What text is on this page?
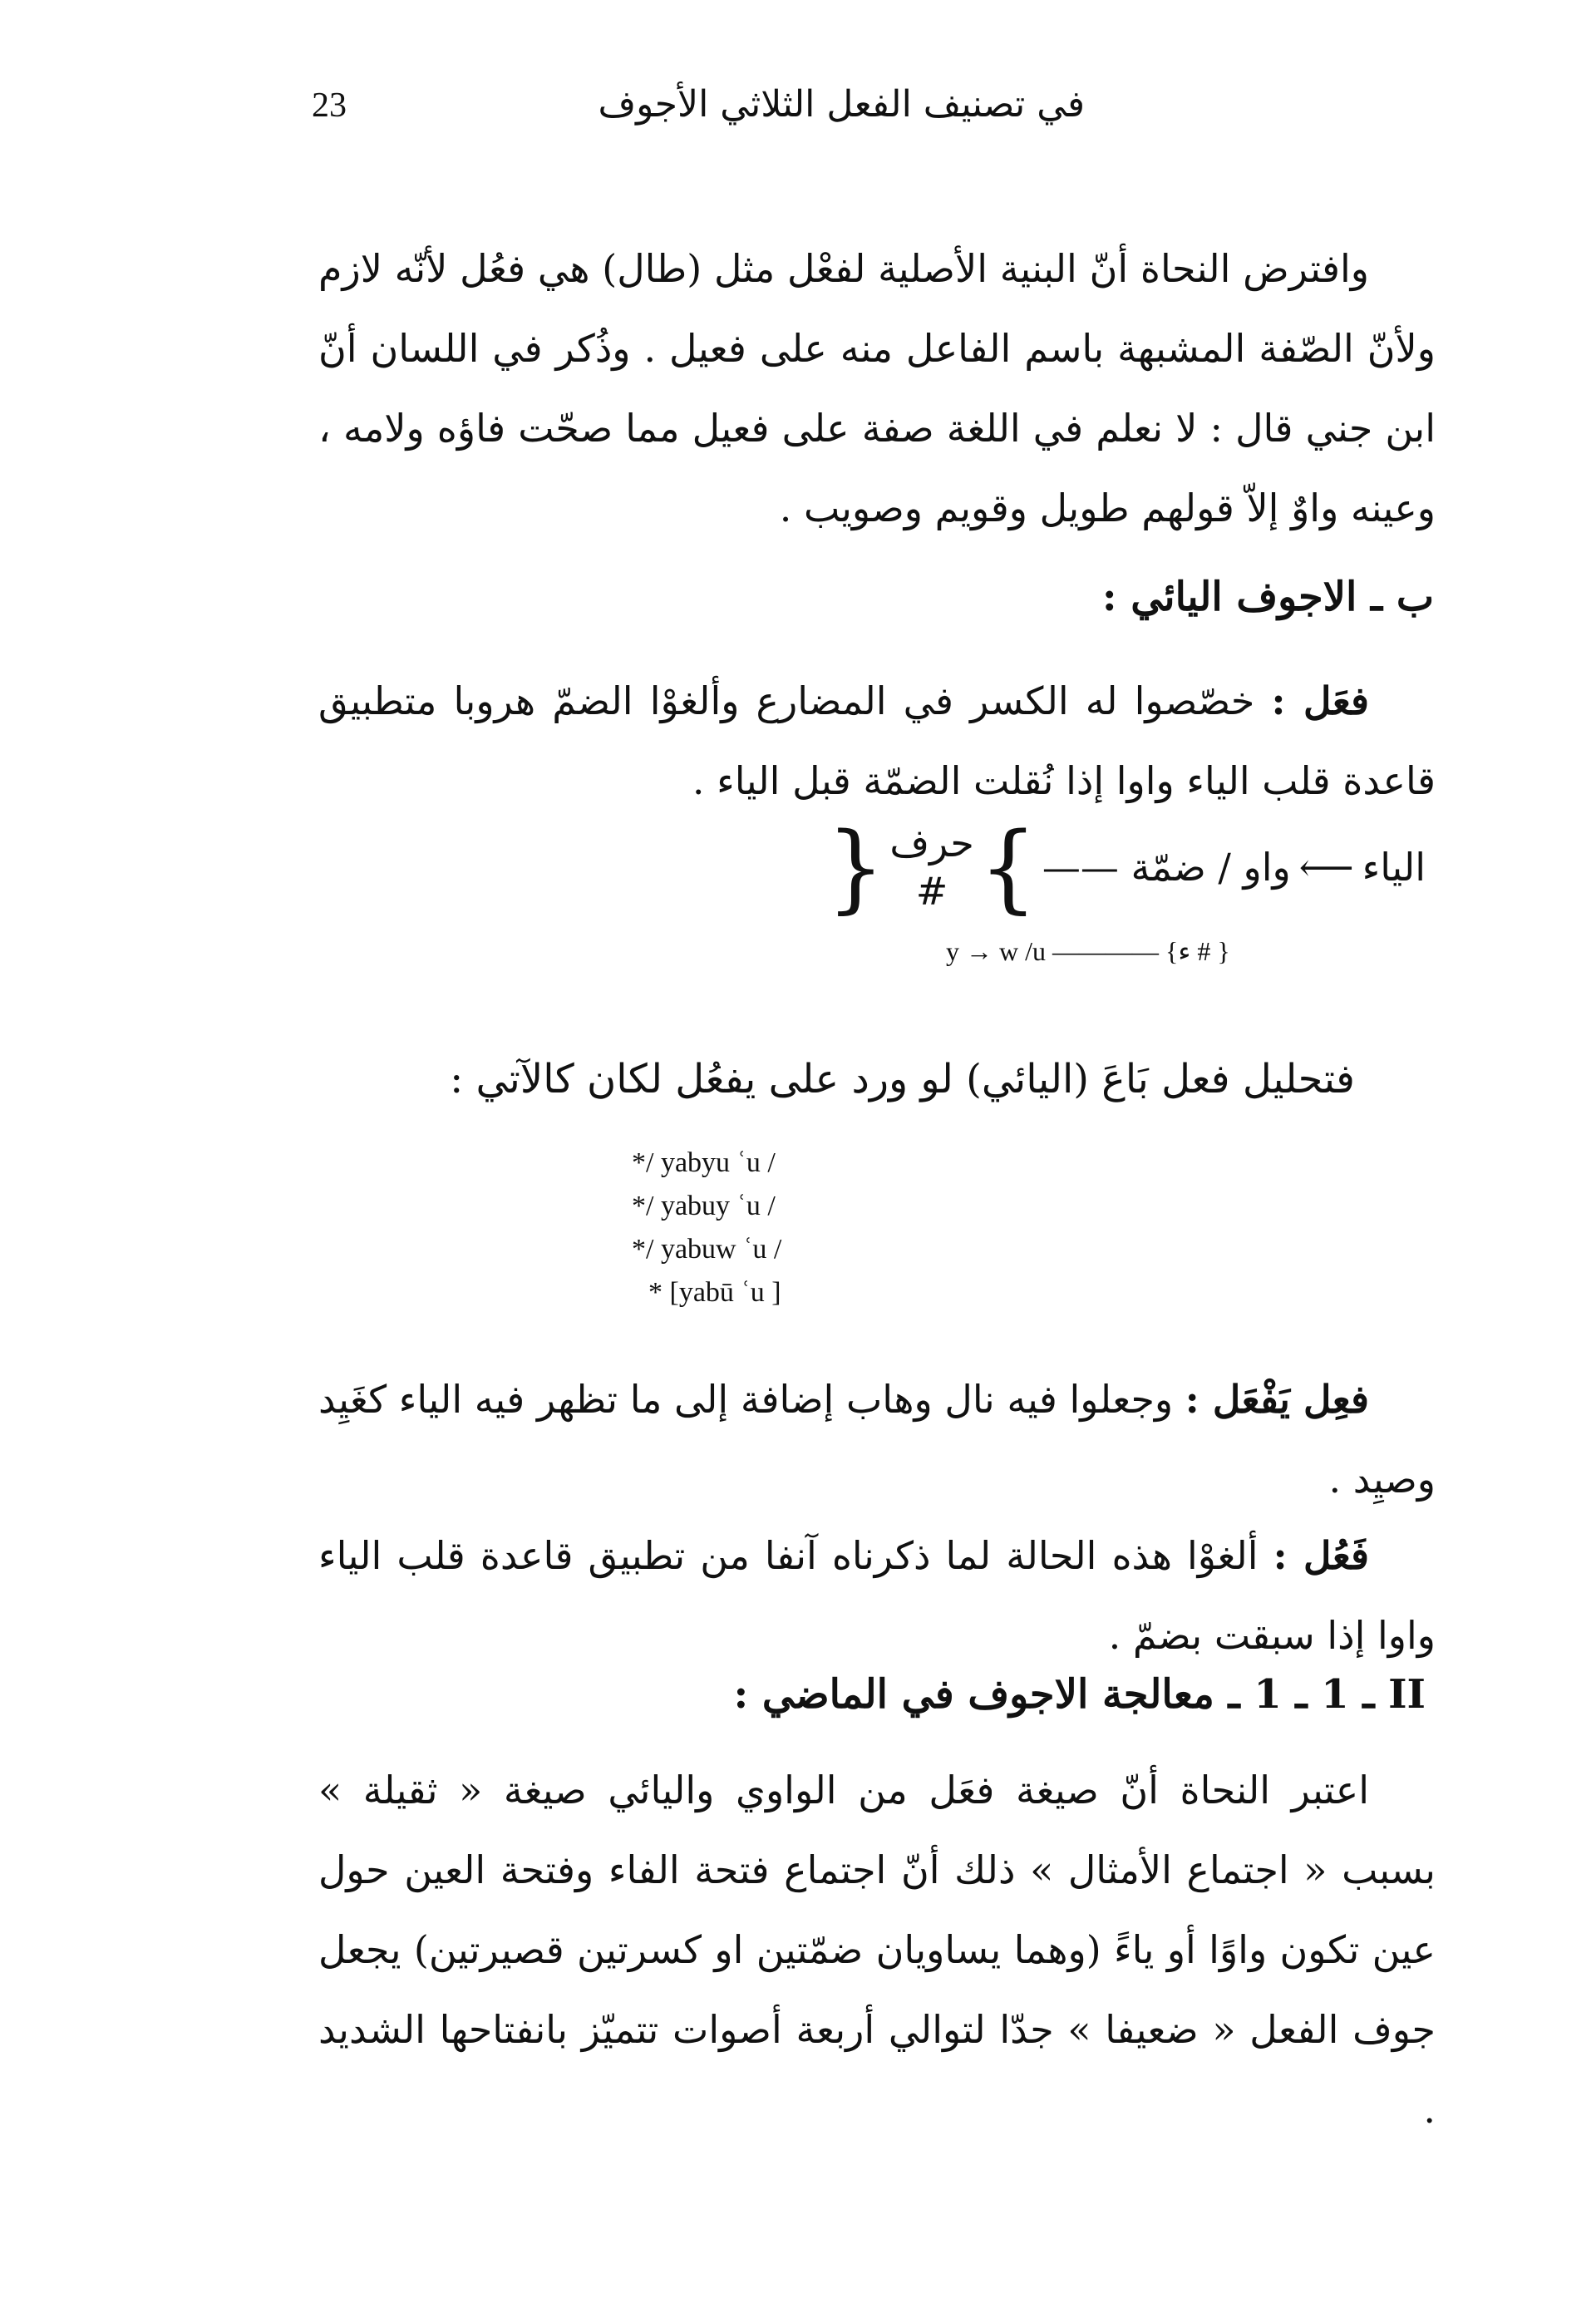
23	في تصنيف الفعل الثلاثي الأجوف

وافترض النحاة أنّ البنية الأصلية لفعْل مثل (طال) هي فعُل لأنّه لازم ولأنّ الصّفة المشبهة باسم الفاعل منه على فعيل . وذُكر في اللسان أنّ ابن جني قال : لا نعلم في اللغة صفة على فعيل مما صحّت فاؤه ولامه ، وعينه واوٌ إلاّ قولهم طويل وقويم وصويب .

ب ـ الاجوف اليائي :

فعَل : خصّصوا له الكسر في المضارع وألغوْا الضمّ هروبا متطبيق قاعدة قلب الياء واوا إذا نُقلت الضمّة قبل الياء .

الياء
⟵
واو / ضمّة ——
}
حرف
#
{
y → w /u ———— {ء # }
فتحليل فعل بَاعَ (اليائي) لو ورد على يفعُل لكان كالآتي :
*/ yabyu ʿu /
*/ yabuy ʿu /
*/ yabuw ʿu /
* [yabū ʿu ]

فعِل يَفْعَل : وجعلوا فيه نال وهاب إضافة إلى ما تظهر فيه الياء كغَيِد وصيِد .

فَعُل : ألغوْا هذه الحالة لما ذكرناه آنفا من تطبيق قاعدة قلب الياء واوا إذا سبقت بضمّ .

II ـ 1 ـ 1 ـ معالجة الاجوف في الماضي :

اعتبر النحاة أنّ صيغة فعَل من الواوي واليائي صيغة « ثقيلة » بسبب « اجتماع الأمثال » ذلك أنّ اجتماع فتحة الفاء وفتحة العين حول عين تكون واوًا أو ياءً (وهما يساويان ضمّتين او كسرتين قصيرتين) يجعل جوف الفعل « ضعيفا » جدّا لتوالي أربعة أصوات تتميّز بانفتاحها الشديد .
